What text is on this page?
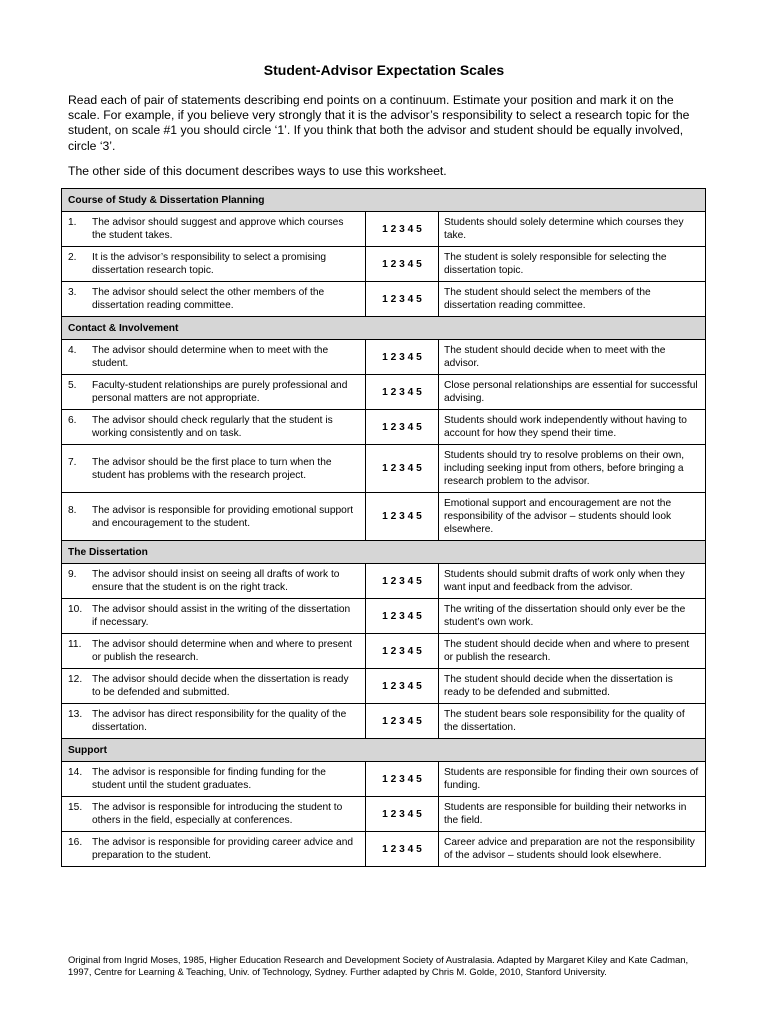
Student-Advisor Expectation Scales
Read each of pair of statements describing end points on a continuum. Estimate your position and mark it on the scale. For example, if you believe very strongly that it is the advisor’s responsibility to select a research topic for the student, on scale #1 you should circle ‘1’. If you think that both the advisor and student should be equally involved, circle ‘3’.
The other side of this document describes ways to use this worksheet.
Course of Study & Dissertation Planning		
1. The advisor should suggest and approve which courses the student takes.	1 2 3 4 5	Students should solely determine which courses they take.
2. It is the advisor’s responsibility to select a promising dissertation research topic.	1 2 3 4 5	The student is solely responsible for selecting the dissertation topic.
3. The advisor should select the other members of the dissertation reading committee.	1 2 3 4 5	The student should select the members of the dissertation reading committee.
Contact & Involvement		
4. The advisor should determine when to meet with the student.	1 2 3 4 5	The student should decide when to meet with the advisor.
5. Faculty-student relationships are purely professional and personal matters are not appropriate.	1 2 3 4 5	Close personal relationships are essential for successful advising.
6. The advisor should check regularly that the student is working consistently and on task.	1 2 3 4 5	Students should work independently without having to account for how they spend their time.
7. The advisor should be the first place to turn when the student has problems with the research project.	1 2 3 4 5	Students should try to resolve problems on their own, including seeking input from others, before bringing a research problem to the advisor.
8. The advisor is responsible for providing emotional support and encouragement to the student.	1 2 3 4 5	Emotional support and encouragement are not the responsibility of the advisor – students should look elsewhere.
The Dissertation		
9. The advisor should insist on seeing all drafts of work to ensure that the student is on the right track.	1 2 3 4 5	Students should submit drafts of work only when they want input and feedback from the advisor.
10. The advisor should assist in the writing of the dissertation if necessary.	1 2 3 4 5	The writing of the dissertation should only ever be the student’s own work.
11. The advisor should determine when and where to present or publish the research.	1 2 3 4 5	The student should decide when and where to present or publish the research.
12. The advisor should decide when the dissertation is ready to be defended and submitted.	1 2 3 4 5	The student should decide when the dissertation is ready to be defended and submitted.
13. The advisor has direct responsibility for the quality of the dissertation.	1 2 3 4 5	The student bears sole responsibility for the quality of the dissertation.
Support		
14. The advisor is responsible for finding funding for the student until the student graduates.	1 2 3 4 5	Students are responsible for finding their own sources of funding.
15. The advisor is responsible for introducing the student to others in the field, especially at conferences.	1 2 3 4 5	Students are responsible for building their networks in the field.
16. The advisor is responsible for providing career advice and preparation to the student.	1 2 3 4 5	Career advice and preparation are not the responsibility of the advisor – students should look elsewhere.
Original from Ingrid Moses, 1985, Higher Education Research and Development Society of Australasia. Adapted by Margaret Kiley and Kate Cadman, 1997, Centre for Learning & Teaching, Univ. of Technology, Sydney. Further adapted by Chris M. Golde, 2010, Stanford University.
